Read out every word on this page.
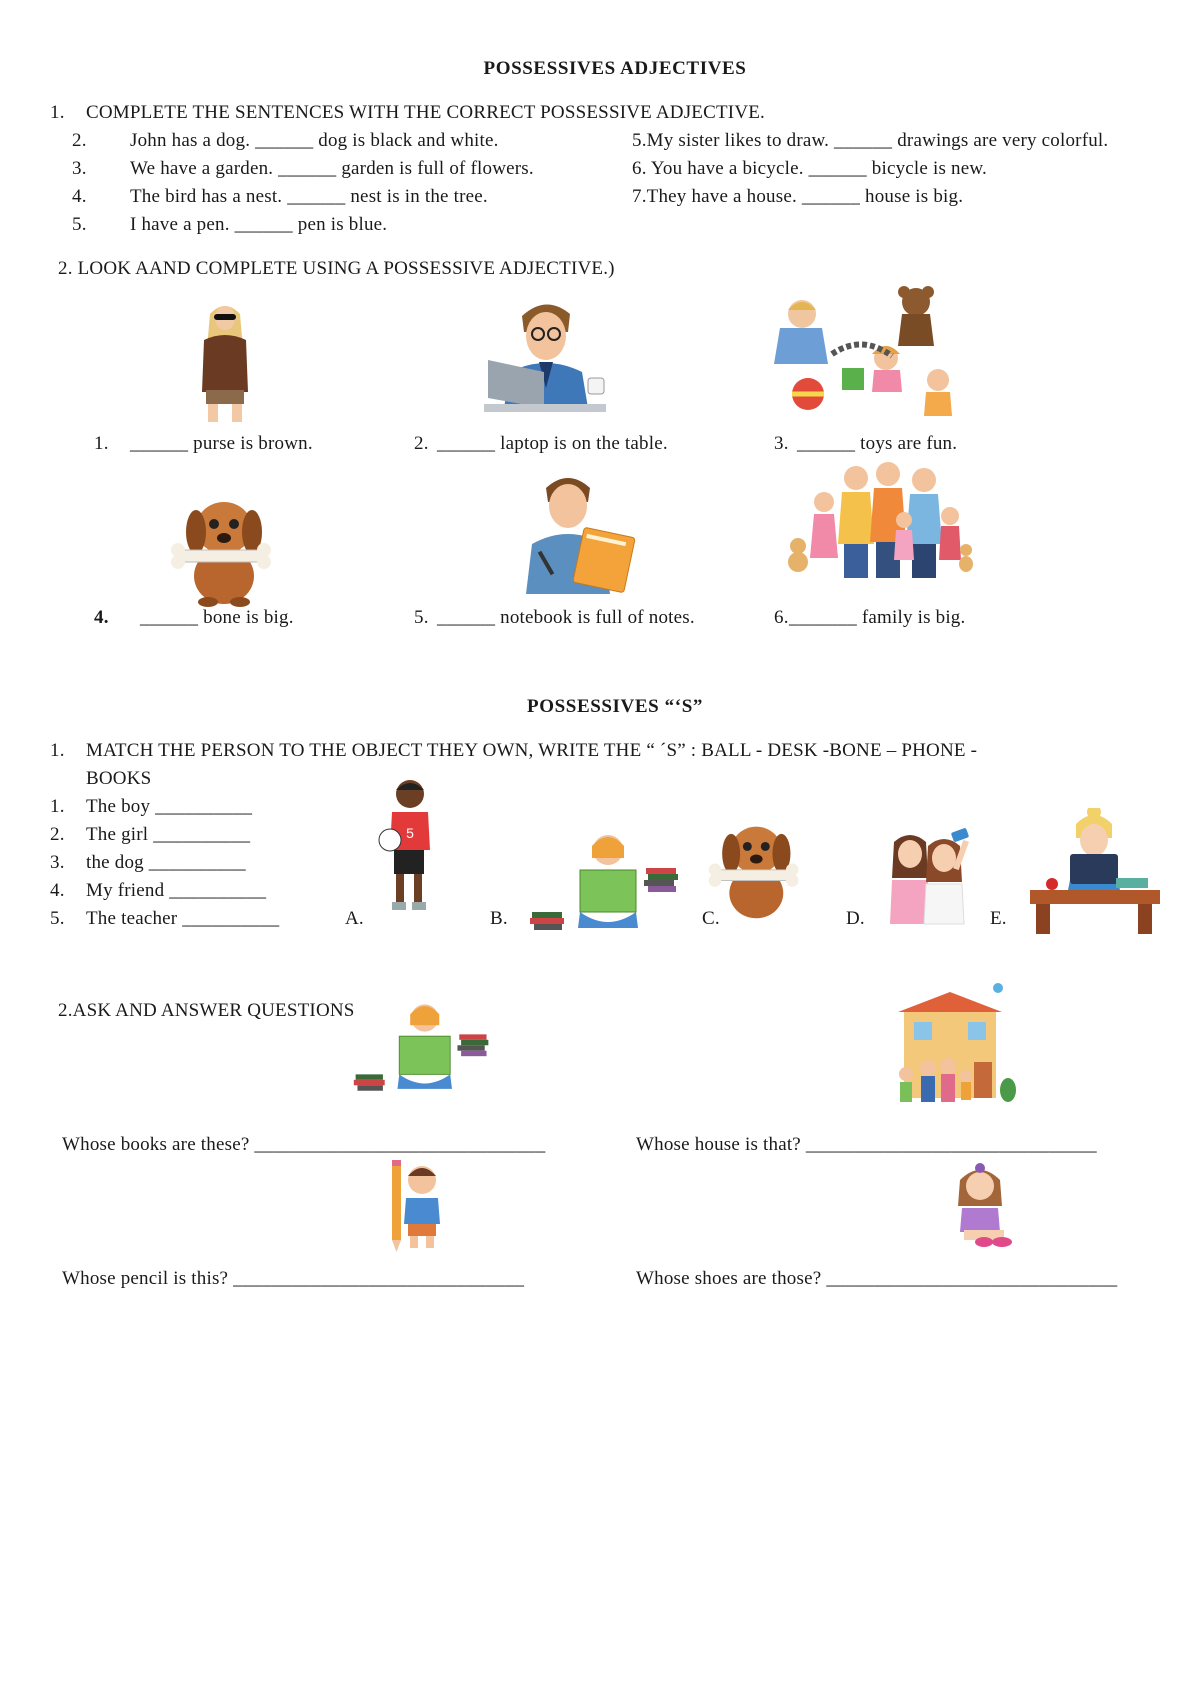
POSSESSIVES ADJECTIVES
1. COMPLETE THE SENTENCES WITH THE CORRECT POSSESSIVE ADJECTIVE.
2. John has a dog. ______ dog is black and white.
3. We have a garden. ______ garden is full of flowers.
4. The bird has a nest. ______ nest is in the tree.
5. I have a pen. ______ pen is blue.
5.My sister likes to draw. ______ drawings are very colorful.
6. You have a bicycle. ______ bicycle is new.
7.They have a house. ______ house is big.
2. LOOK AAND COMPLETE USING A POSSESSIVE ADJECTIVE.)
1. ______ purse is brown.	2. ______ laptop is on the table.	3. ______ toys are fun.
4. ______ bone is big.	5. ______ notebook is full of notes.	6. _______ family is big.
POSSESSIVES “‘S”
1. MATCH THE PERSON TO THE OBJECT THEY OWN, WRITE THE “ ´S” : BALL - DESK -BONE – PHONE -
BOOKS
1. The boy __________
2. The girl __________
3. the dog __________
4. My friend __________
5. The teacher __________	A.	B.	C.	D.	E.
5
2.ASK AND ANSWER QUESTIONS
Whose books are these? ______________________________	Whose house is that? ______________________________
Whose pencil is this? ______________________________	Whose shoes are those? ______________________________
